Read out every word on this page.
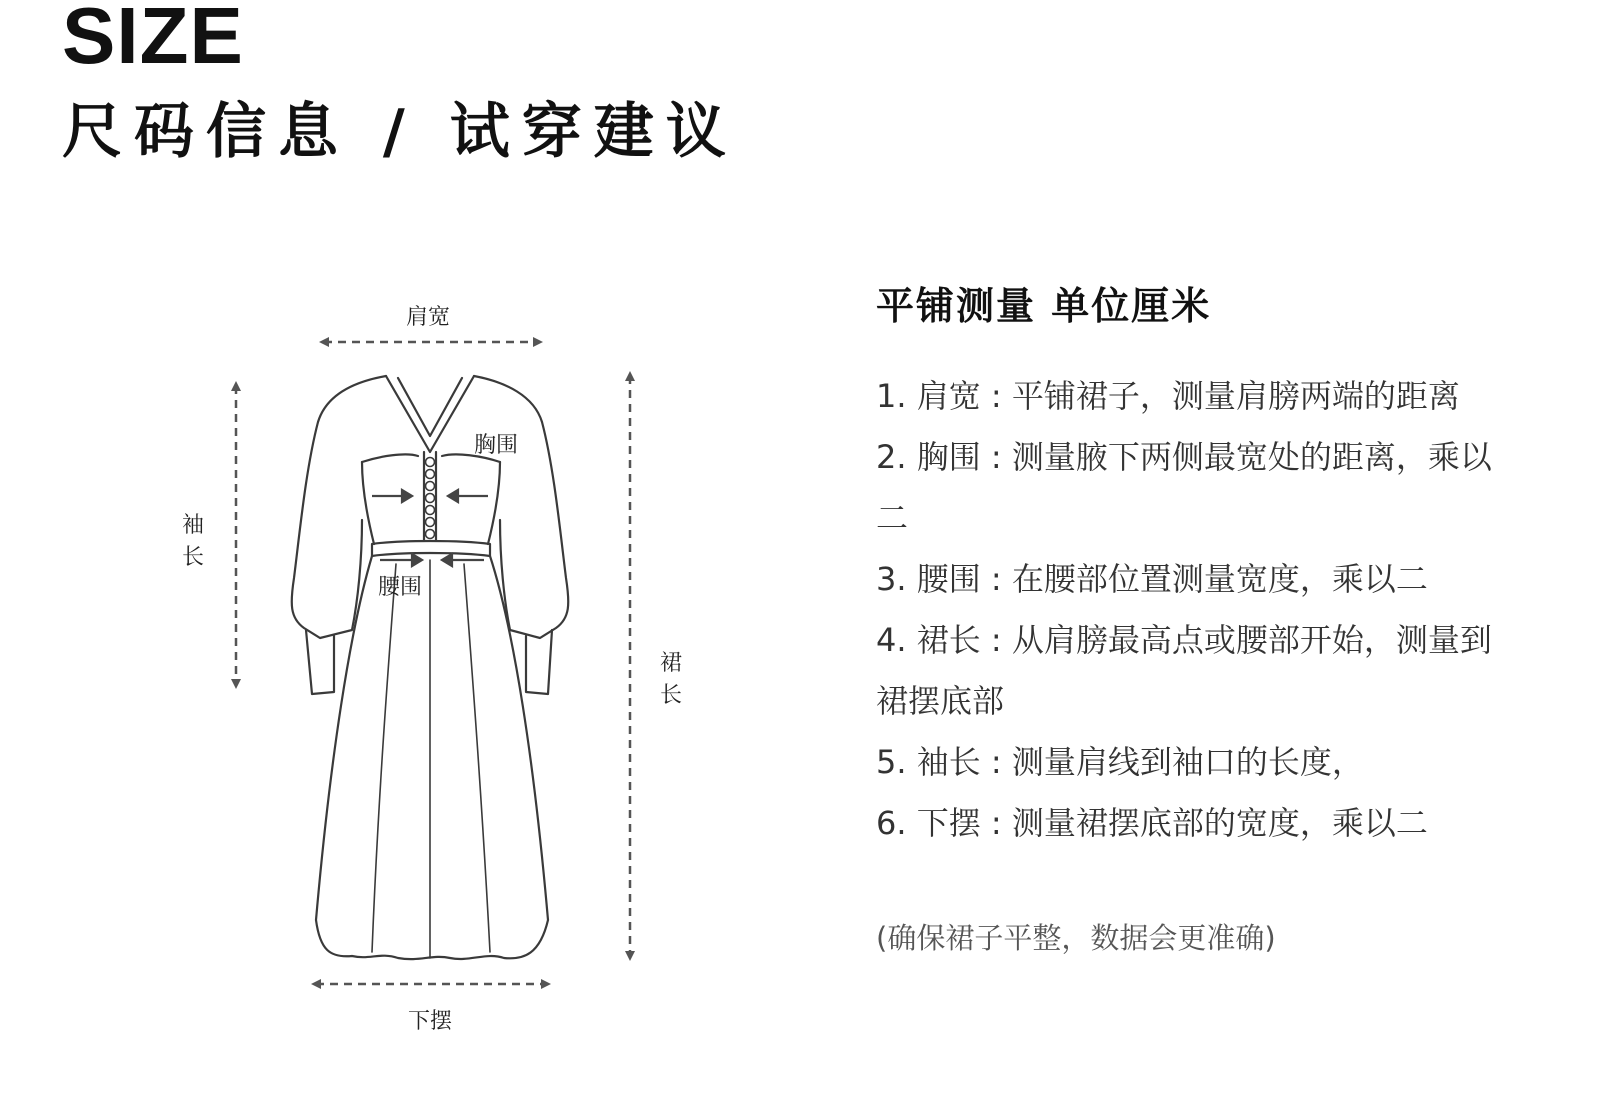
SIZE
尺码信息 / 试穿建议
肩宽
胸围
腰围
袖长
裙长
下摆
平铺测量 单位厘米
1. 肩宽 : 平铺裙子，测量肩膀两端的距离
2. 胸围 : 测量腋下两侧最宽处的距离，乘以二
3. 腰围 : 在腰部位置测量宽度，乘以二
4. 裙长 : 从肩膀最高点或腰部开始，测量到裙摆底部
5. 袖长 : 测量肩线到袖口的长度，
6. 下摆 : 测量裙摆底部的宽度，乘以二
(确保裙子平整，数据会更准确)
